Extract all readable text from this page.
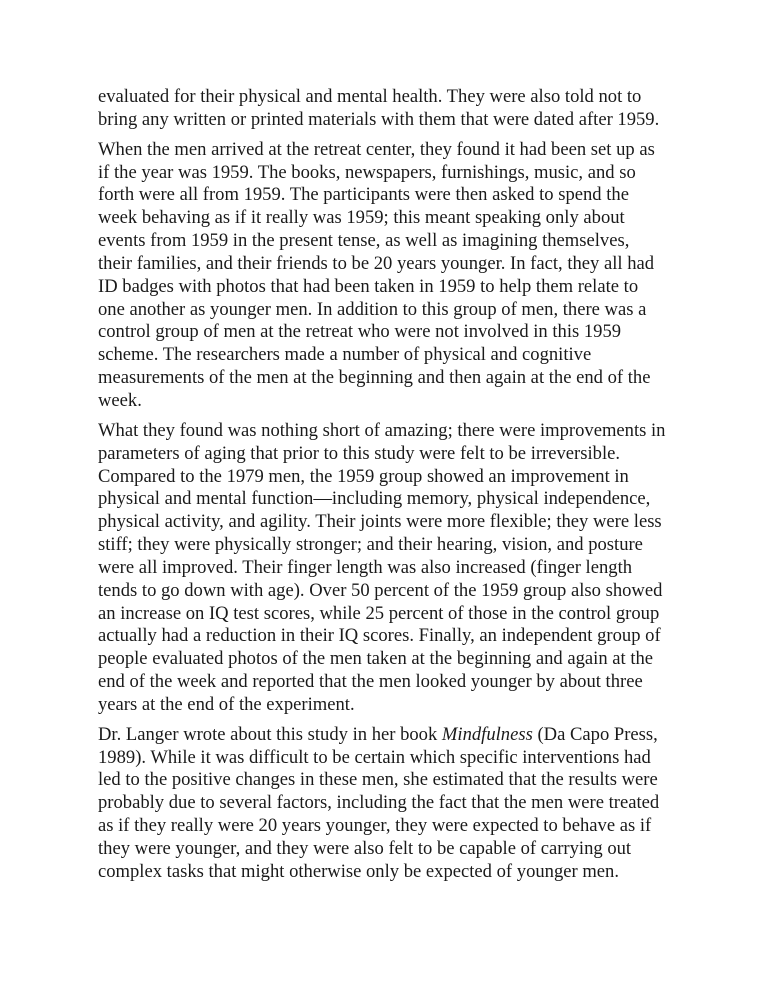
evaluated for their physical and mental health. They were also told not to
bring any written or printed materials with them that were dated after 1959.

When the men arrived at the retreat center, they found it had been set up as
if the year was 1959. The books, newspapers, furnishings, music, and so
forth were all from 1959. The participants were then asked to spend the
week behaving as if it really was 1959; this meant speaking only about
events from 1959 in the present tense, as well as imagining themselves,
their families, and their friends to be 20 years younger. In fact, they all had
ID badges with photos that had been taken in 1959 to help them relate to
one another as younger men. In addition to this group of men, there was a
control group of men at the retreat who were not involved in this 1959
scheme. The researchers made a number of physical and cognitive
measurements of the men at the beginning and then again at the end of the
week.

What they found was nothing short of amazing; there were improvements in
parameters of aging that prior to this study were felt to be irreversible.
Compared to the 1979 men, the 1959 group showed an improvement in
physical and mental function—including memory, physical independence,
physical activity, and agility. Their joints were more flexible; they were less
stiff; they were physically stronger; and their hearing, vision, and posture
were all improved. Their finger length was also increased (finger length
tends to go down with age). Over 50 percent of the 1959 group also showed
an increase on IQ test scores, while 25 percent of those in the control group
actually had a reduction in their IQ scores. Finally, an independent group of
people evaluated photos of the men taken at the beginning and again at the
end of the week and reported that the men looked younger by about three
years at the end of the experiment.

Dr. Langer wrote about this study in her book Mindfulness (Da Capo Press,
1989). While it was difficult to be certain which specific interventions had
led to the positive changes in these men, she estimated that the results were
probably due to several factors, including the fact that the men were treated
as if they really were 20 years younger, they were expected to behave as if
they were younger, and they were also felt to be capable of carrying out
complex tasks that might otherwise only be expected of younger men.
